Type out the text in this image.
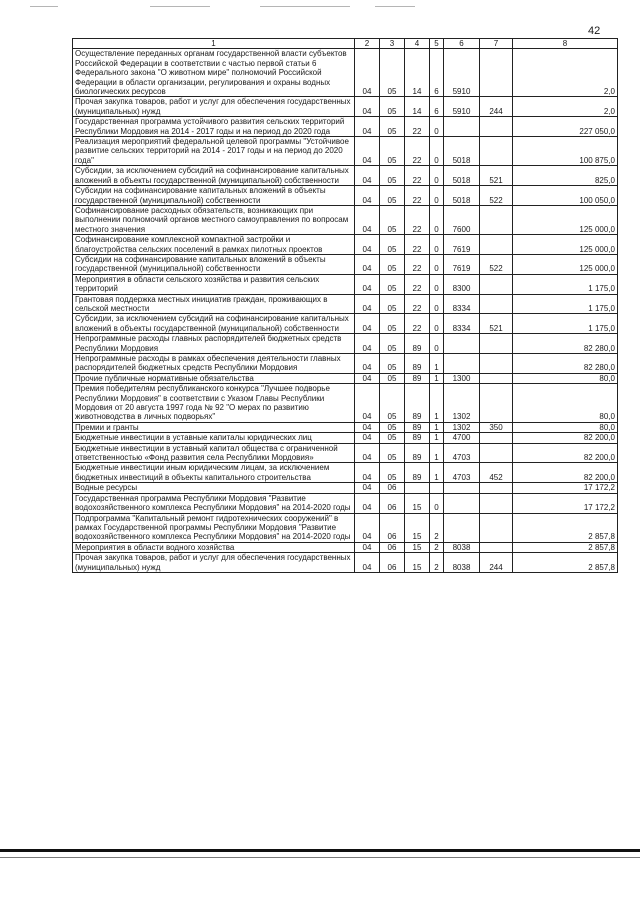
42
1	2	3	4	5	6	7	8
Осуществление переданных органам государственной власти субъектов Российской Федерации в соответствии с частью первой статьи 6 Федерального закона "О животном мире" полномочий Российской Федерации в области организации, регулирования и охраны водных биологических ресурсов	04	05	14	6	5910		2,0
Прочая закупка товаров, работ и услуг для обеспечения государственных (муниципальных) нужд	04	05	14	6	5910	244	2,0
Государственная программа устойчивого развития сельских территорий Республики Мордовия на 2014 - 2017 годы и на период до 2020 года	04	05	22	0			227 050,0
Реализация мероприятий федеральной целевой программы "Устойчивое развитие сельских территорий на 2014 - 2017 годы и на период до 2020 года"	04	05	22	0	5018		100 875,0
Субсидии, за исключением субсидий на софинансирование капитальных вложений в объекты государственной (муниципальной) собственности	04	05	22	0	5018	521	825,0
Субсидии на софинансирование капитальных вложений в объекты государственной (муниципальной) собственности	04	05	22	0	5018	522	100 050,0
Софинансирование расходных обязательств, возникающих при выполнении полномочий органов местного самоуправления по вопросам местного значения	04	05	22	0	7600		125 000,0
Софинансирование комплексной компактной застройки и благоустройства сельских поселений в рамках пилотных проектов	04	05	22	0	7619		125 000,0
Субсидии на софинансирование капитальных вложений в объекты государственной (муниципальной) собственности	04	05	22	0	7619	522	125 000,0
Мероприятия в области сельского хозяйства и развития сельских территорий	04	05	22	0	8300		1 175,0
Грантовая поддержка местных инициатив граждан, проживающих в сельской местности	04	05	22	0	8334		1 175,0
Субсидии, за исключением субсидий на софинансирование капитальных вложений в объекты государственной (муниципальной) собственности	04	05	22	0	8334	521	1 175,0
Непрограммные расходы главных распорядителей бюджетных средств Республики Мордовия	04	05	89	0			82 280,0
Непрограммные расходы в рамках обеспечения деятельности главных распорядителей бюджетных средств Республики Мордовия	04	05	89	1			82 280,0
Прочие публичные нормативные обязательства	04	05	89	1	1300		80,0
Премия победителям республиканского конкурса "Лучшее подворье Республики Мордовия" в соответствии с Указом Главы Республики Мордовия от 20 августа 1997 года № 92 "О мерах по развитию животноводства в личных подворьях"	04	05	89	1	1302		80,0
Премии и гранты	04	05	89	1	1302	350	80,0
Бюджетные инвестиции в уставные капиталы юридических лиц	04	05	89	1	4700		82 200,0
Бюджетные инвестиции в уставный капитал общества с ограниченной ответственностью «Фонд развития села Республики Мордовия»	04	05	89	1	4703		82 200,0
Бюджетные инвестиции иным юридическим лицам, за исключением бюджетных инвестиций в объекты капитального строительства	04	05	89	1	4703	452	82 200,0
Водные ресурсы	04	06					17 172,2
Государственная программа Республики Мордовия "Развитие водохозяйственного комплекса Республики Мордовия" на 2014-2020 годы	04	06	15	0			17 172,2
Подпрограмма "Капитальный ремонт гидротехнических сооружений" в рамках Государственной программы Республики Мордовия "Развитие водохозяйственного комплекса Республики Мордовия" на 2014-2020 годы	04	06	15	2			2 857,8
Мероприятия в области водного хозяйства	04	06	15	2	8038		2 857,8
Прочая закупка товаров, работ и услуг для обеспечения государственных (муниципальных) нужд	04	06	15	2	8038	244	2 857,8
